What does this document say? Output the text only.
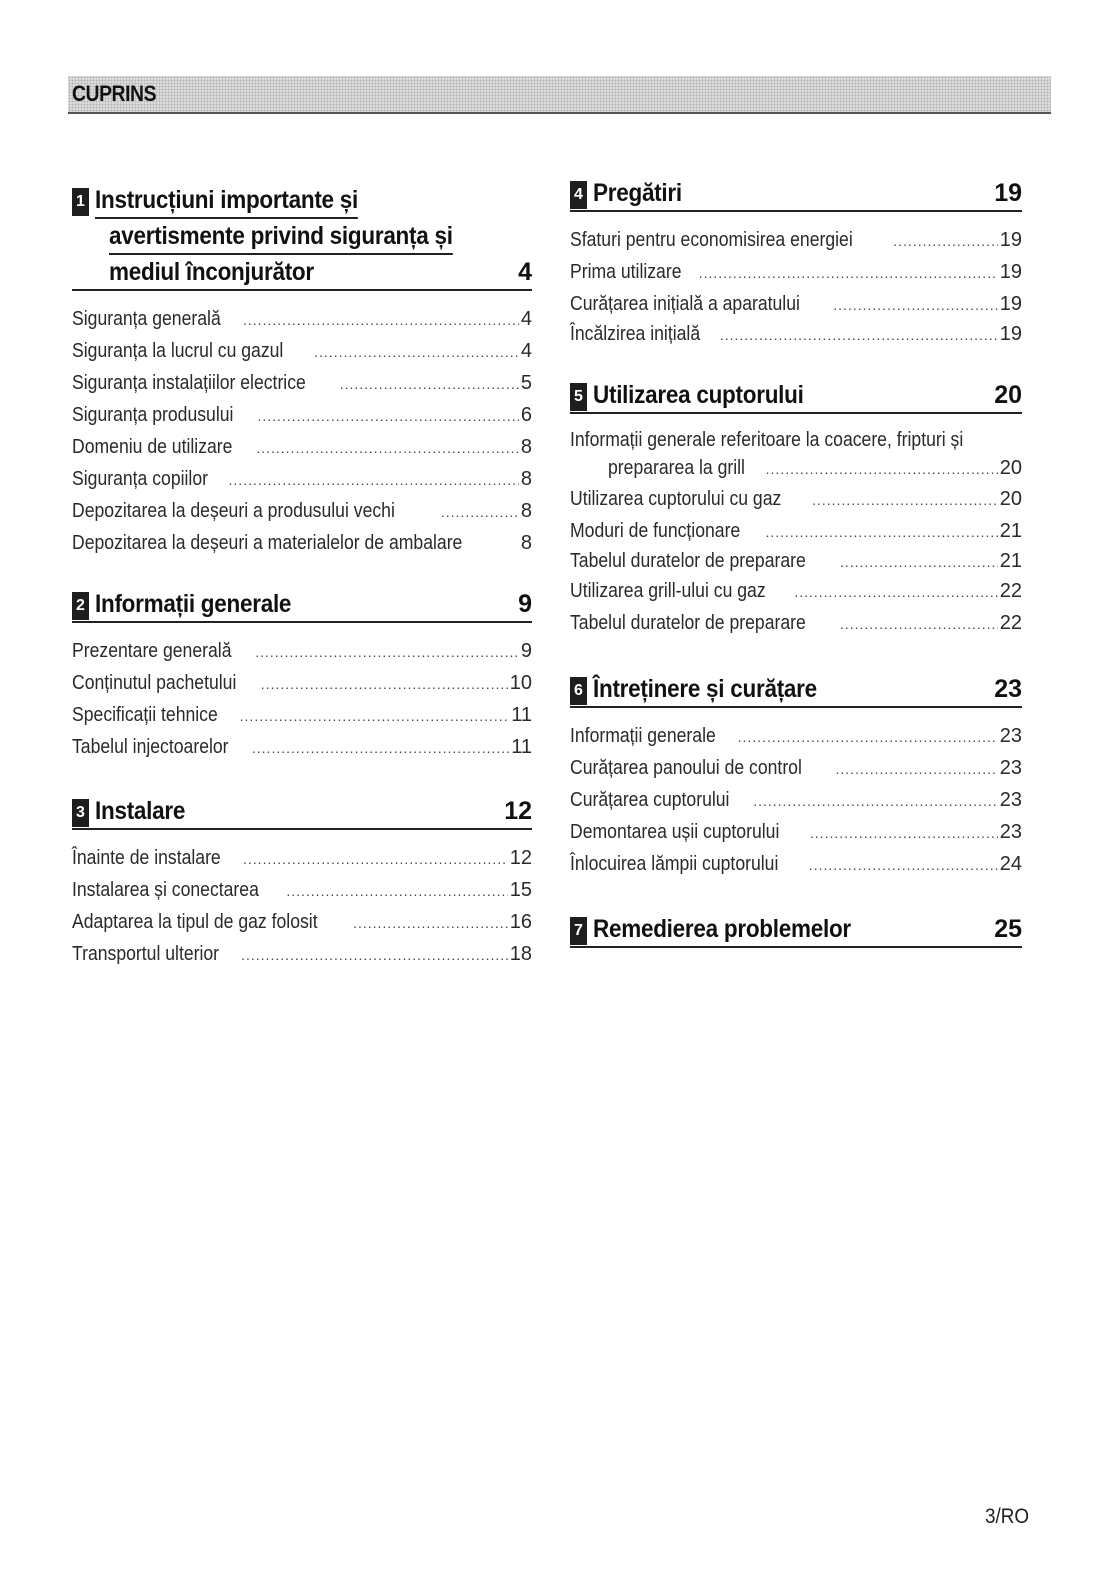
CUPRINS
1 Instrucțiuni importante și
avertismente privind siguranța și
mediul înconjurător	4
Siguranța generală .....	4
Siguranța la lucrul cu gazul .....	4
Siguranța instalațiilor electrice .....	5
Siguranța produsului .....	6
Domeniu de utilizare .....	8
Siguranța copiilor .....	8
Depozitarea la deșeuri a produsului vechi .....	8
Depozitarea la deșeuri a materialelor de ambalare .....	8
2 Informații generale	9
Prezentare generală .....	9
Conținutul pachetului .....	10
Specificații tehnice .....	11
Tabelul injectoarelor .....	11
3 Instalare	12
Înainte de instalare .....	12
Instalarea și conectarea .....	15
Adaptarea la tipul de gaz folosit .....	16
Transportul ulterior .....	18
4 Pregătiri	19
Sfaturi pentru economisirea energiei .....	19
Prima utilizare .....	19
Curățarea inițială a aparatului .....	19
Încălzirea inițială .....	19
5 Utilizarea cuptorului	20
Informații generale referitoare la coacere, fripturi și
prepararea la grill .....	20
Utilizarea cuptorului cu gaz .....	20
Moduri de funcționare .....	21
Tabelul duratelor de preparare .....	21
Utilizarea grill-ului cu gaz .....	22
Tabelul duratelor de preparare .....	22
6 Întreținere și curățare	23
Informații generale .....	23
Curățarea panoului de control .....	23
Curățarea cuptorului .....	23
Demontarea ușii cuptorului .....	23
Înlocuirea lămpii cuptorului .....	24
7 Remedierea problemelor	25
3/RO
